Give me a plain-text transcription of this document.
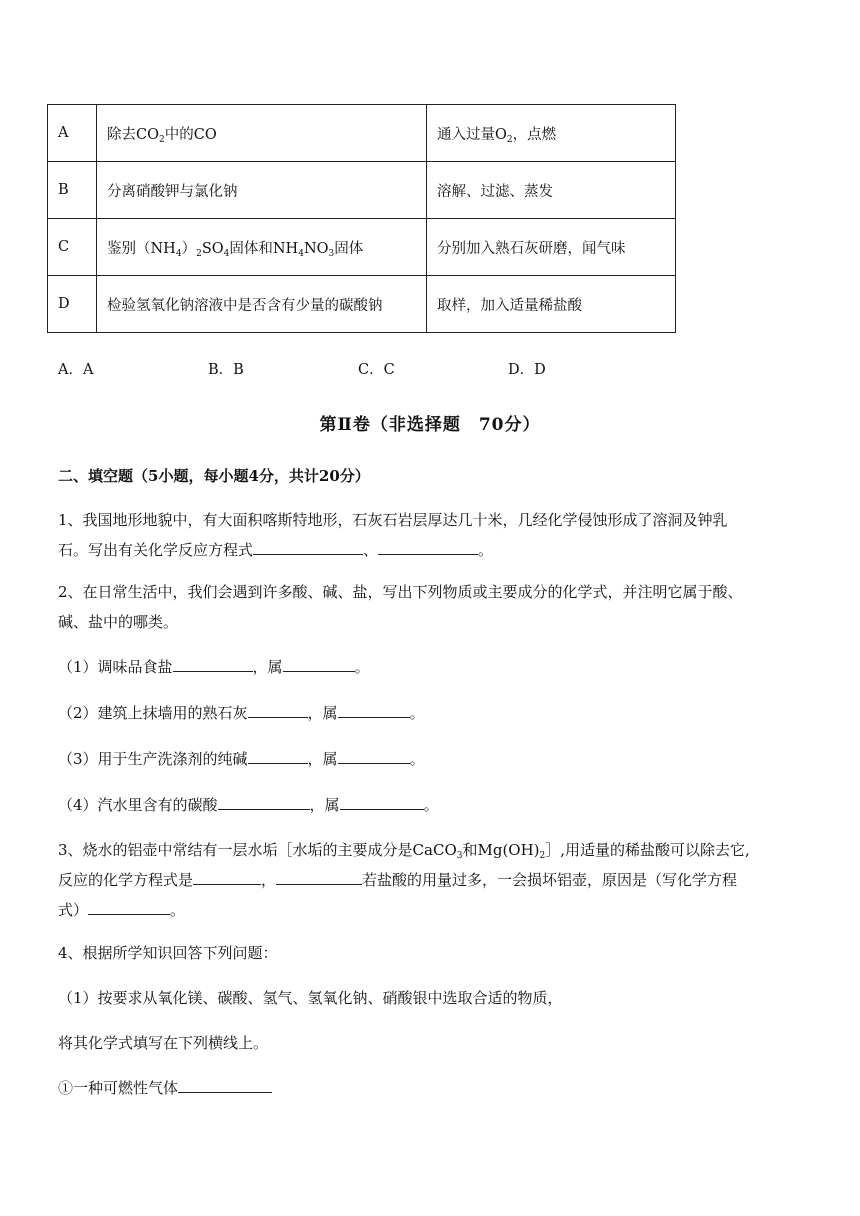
A	除去$CO_2$中的CO	通入过量$O_2$，点燃
B	分离硝酸钾与氯化钠	溶解、过滤、蒸发
C	鉴别$(NH_4)_2SO_4$固体和$NH_4NO_3$固体	分别加入熟石灰研磨，闻气味
D	检验氢氧化钠溶液中是否含有少量的碳酸钠	取样，加入适量稀盐酸
A．A	B．B	C．C	D．D
第Ⅱ卷（非选择题　70分）
二、填空题（5小题，每小题4分，共计20分）
1、我国地形地貌中，有大面积喀斯特地形，石灰石岩层厚达几十米，几经化学侵蚀形成了溶洞及钟乳
石。写出有关化学反应方程式	、	。
2、在日常生活中，我们会遇到许多酸、碱、盐，写出下列物质或主要成分的化学式，并注明它属于酸、
碱、盐中的哪类。
（1）调味品食盐	，属	。
（2）建筑上抹墙用的熟石灰	，属	。
（3）用于生产洗涤剂的纯碱	，属	。
（4）汽水里含有的碳酸	，属	。
3、烧水的铝壶中常结有一层水垢［水垢的主要成分是CaCO$_3$和$Mg(OH)_2]$,用适量的稀盐酸可以除去它,
反应的化学方程式是	，	若盐酸的用量过多，一会损坏铝壶，原因是（写化学方程
式）	。
4、根据所学知识回答下列问题：
（1）按要求从氧化镁、碳酸、氢气、氢氧化钠、硝酸银中选取合适的物质，
将其化学式填写在下列横线上。
①一种可燃性气体
